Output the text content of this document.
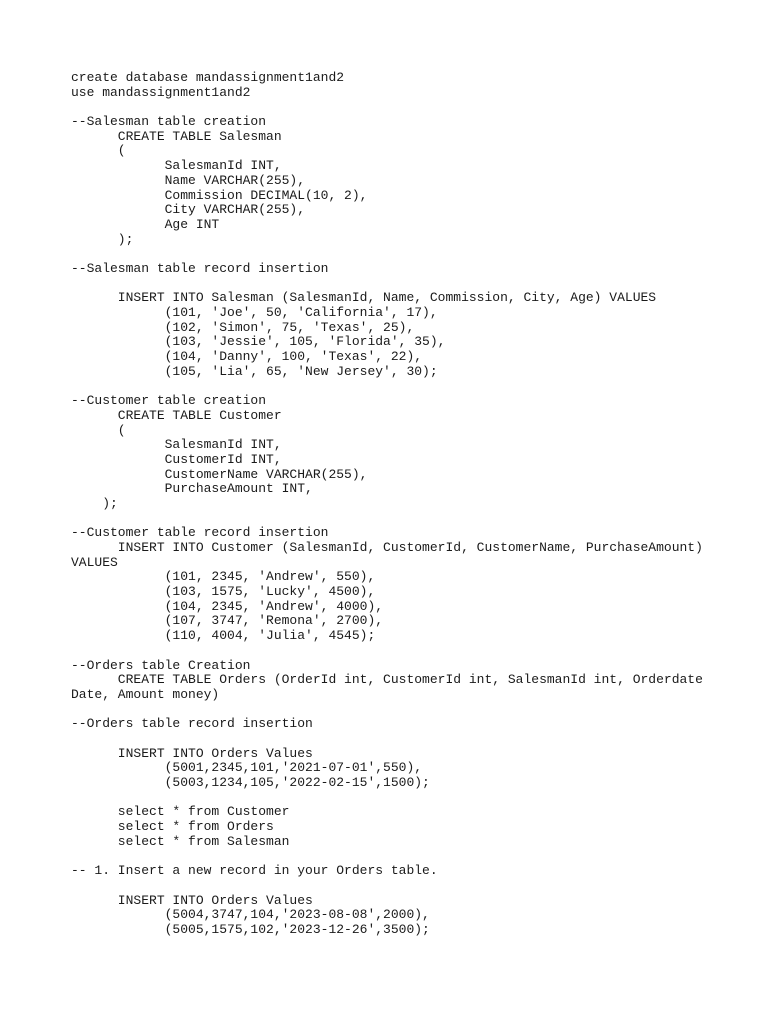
create database mandassignment1and2
use mandassignment1and2
--Salesman table creation
CREATE TABLE Salesman
(
SalesmanId INT,
Name VARCHAR(255),
Commission DECIMAL(10, 2),
City VARCHAR(255),
Age INT
);
--Salesman table record insertion
INSERT INTO Salesman (SalesmanId, Name, Commission, City, Age) VALUES
(101, 'Joe', 50, 'California', 17),
(102, 'Simon', 75, 'Texas', 25),
(103, 'Jessie', 105, 'Florida', 35),
(104, 'Danny', 100, 'Texas', 22),
(105, 'Lia', 65, 'New Jersey', 30);
--Customer table creation
CREATE TABLE Customer
(
SalesmanId INT,
CustomerId INT,
CustomerName VARCHAR(255),
PurchaseAmount INT,
);
--Customer table record insertion
INSERT INTO Customer (SalesmanId, CustomerId, CustomerName, PurchaseAmount)
VALUES
(101, 2345, 'Andrew', 550),
(103, 1575, 'Lucky', 4500),
(104, 2345, 'Andrew', 4000),
(107, 3747, 'Remona', 2700),
(110, 4004, 'Julia', 4545);
--Orders table Creation
CREATE TABLE Orders (OrderId int, CustomerId int, SalesmanId int, Orderdate
Date, Amount money)
--Orders table record insertion
INSERT INTO Orders Values
(5001,2345,101,'2021-07-01',550),
(5003,1234,105,'2022-02-15',1500);
select * from Customer
select * from Orders
select * from Salesman
-- 1. Insert a new record in your Orders table.
INSERT INTO Orders Values
(5004,3747,104,'2023-08-08',2000),
(5005,1575,102,'2023-12-26',3500);
